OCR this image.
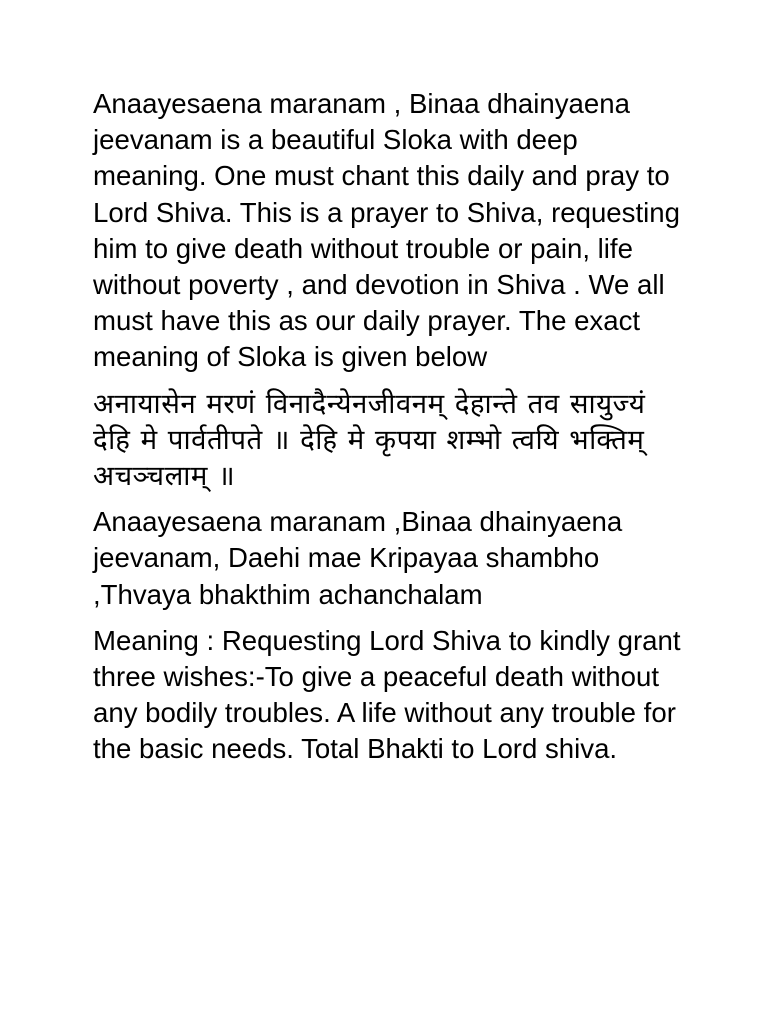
Anaayesaena maranam , Binaa dhainyaena jeevanam is a beautiful Sloka with deep meaning. One must chant this daily and pray to Lord Shiva. This is a prayer to Shiva, requesting him to give death without trouble or pain, life without poverty , and devotion in Shiva . We all must have this as our daily prayer. The exact meaning of Sloka is given below

अनायासेन मरणं विनादैन्येनजीवनम् देहान्ते तव सायुज्यं देहि मे पार्वतीपते ॥ देहि मे कृपया शम्भो त्वयि भक्तिम् अचञ्चलाम् ॥

Anaayesaena maranam ,Binaa dhainyaena jeevanam, Daehi mae Kripayaa shambho ,Thvaya bhakthim achanchalam

Meaning : Requesting Lord Shiva to kindly grant three wishes:-To give a peaceful death without any bodily troubles. A life without any trouble for the basic needs. Total Bhakti to Lord shiva.
